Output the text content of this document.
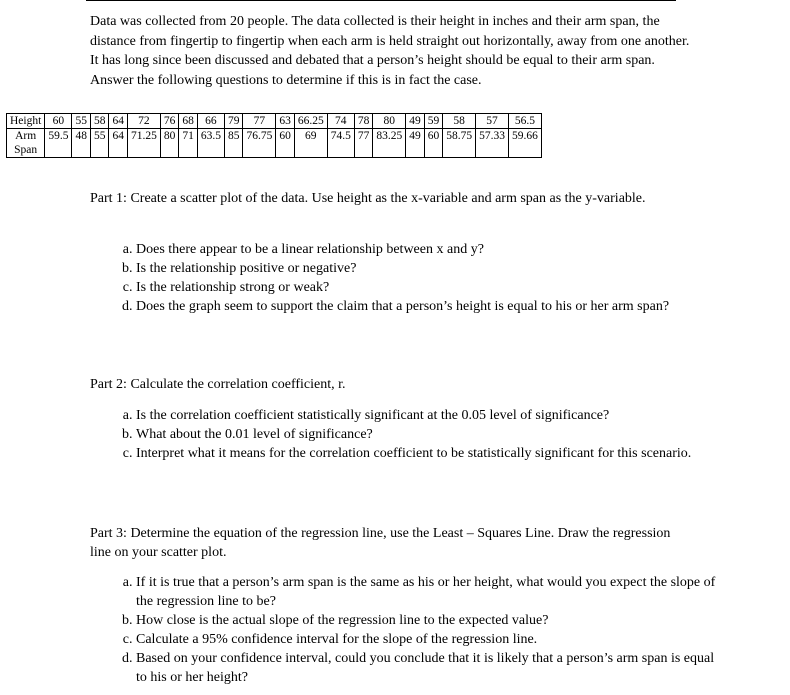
Data was collected from 20 people. The data collected is their height in inches and their arm span, the distance from fingertip to fingertip when each arm is held straight out horizontally, away from one another. It has long since been discussed and debated that a person’s height should be equal to their arm span. Answer the following questions to determine if this is in fact the case.

Height	60	55	58	64	72	76	68	66	79	77	63	66.25	74	78	80	49	59	58	57	56.5
Arm
Span	59.5	48	55	64	71.25	80	71	63.5	85	76.75	60	69	74.5	77	83.25	49	60	58.75	57.33	59.66

Part 1: Create a scatter plot of the data. Use height as the x-variable and arm span as the y-variable.

a. Does there appear to be a linear relationship between x and y?
b. Is the relationship positive or negative?
c. Is the relationship strong or weak?
d. Does the graph seem to support the claim that a person’s height is equal to his or her arm span?

Part 2: Calculate the correlation coefficient, r.

a. Is the correlation coefficient statistically significant at the 0.05 level of significance?
b. What about the 0.01 level of significance?
c. Interpret what it means for the correlation coefficient to be statistically significant for this scenario.

Part 3: Determine the equation of the regression line, use the Least – Squares Line. Draw the regression line on your scatter plot.

a. If it is true that a person’s arm span is the same as his or her height, what would you expect the slope of the regression line to be?
b. How close is the actual slope of the regression line to the expected value?
c. Calculate a 95% confidence interval for the slope of the regression line.
d. Based on your confidence interval, could you conclude that it is likely that a person’s arm span is equal to his or her height?
